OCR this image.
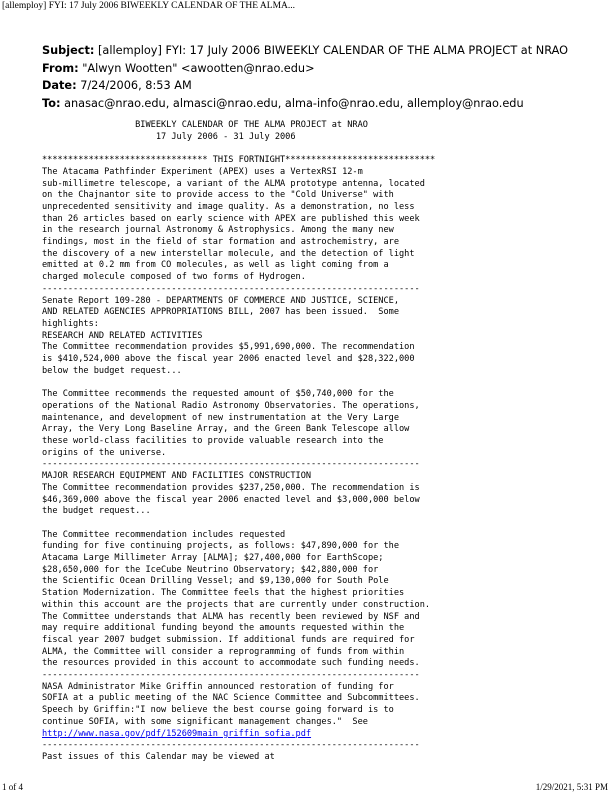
[allemploy] FYI: 17 July 2006 BIWEEKLY CALENDAR OF THE ALMA...
Subject: [allemploy] FYI: 17 July 2006 BIWEEKLY CALENDAR OF THE ALMA PROJECT at NRAO
From: "Alwyn Wootten" <awootten@nrao.edu>
Date: 7/24/2006, 8:53 AM
To: anasac@nrao.edu, almasci@nrao.edu, alma-info@nrao.edu, allemploy@nrao.edu
BIWEEKLY CALENDAR OF THE ALMA PROJECT at NRAO
17 July 2006 - 31 July 2006

******************************** THIS FORTNIGHT*****************************
The Atacama Pathfinder Experiment (APEX) uses a VertexRSI 12-m
sub-millimetre telescope, a variant of the ALMA prototype antenna, located
on the Chajnantor site to provide access to the "Cold Universe" with
unprecedented sensitivity and image quality. As a demonstration, no less
than 26 articles based on early science with APEX are published this week
in the research journal Astronomy & Astrophysics. Among the many new
findings, most in the field of star formation and astrochemistry, are
the discovery of a new interstellar molecule, and the detection of light
emitted at 0.2 mm from CO molecules, as well as light coming from a
charged molecule composed of two forms of Hydrogen.
-------------------------------------------------------------------------
Senate Report 109-280 - DEPARTMENTS OF COMMERCE AND JUSTICE, SCIENCE,
AND RELATED AGENCIES APPROPRIATIONS BILL, 2007 has been issued.  Some
highlights:
RESEARCH AND RELATED ACTIVITIES
The Committee recommendation provides $5,991,690,000. The recommendation
is $410,524,000 above the fiscal year 2006 enacted level and $28,322,000
below the budget request...

The Committee recommends the requested amount of $50,740,000 for the
operations of the National Radio Astronomy Observatories. The operations,
maintenance, and development of new instrumentation at the Very Large
Array, the Very Long Baseline Array, and the Green Bank Telescope allow
these world-class facilities to provide valuable research into the
origins of the universe.
-------------------------------------------------------------------------
MAJOR RESEARCH EQUIPMENT AND FACILITIES CONSTRUCTION
The Committee recommendation provides $237,250,000. The recommendation is
$46,369,000 above the fiscal year 2006 enacted level and $3,000,000 below
the budget request...

The Committee recommendation includes requested
funding for five continuing projects, as follows: $47,890,000 for the
Atacama Large Millimeter Array [ALMA]; $27,400,000 for EarthScope;
$28,650,000 for the IceCube Neutrino Observatory; $42,880,000 for
the Scientific Ocean Drilling Vessel; and $9,130,000 for South Pole
Station Modernization. The Committee feels that the highest priorities
within this account are the projects that are currently under construction.
The Committee understands that ALMA has recently been reviewed by NSF and
may require additional funding beyond the amounts requested within the
fiscal year 2007 budget submission. If additional funds are required for
ALMA, the Committee will consider a reprogramming of funds from within
the resources provided in this account to accommodate such funding needs.
-------------------------------------------------------------------------
NASA Administrator Mike Griffin announced restoration of funding for
SOFIA at a public meeting of the NAC Science Committee and Subcommittees.
Speech by Griffin:"I now believe the best course going forward is to
continue SOFIA, with some significant management changes."  See
http://www.nasa.gov/pdf/152609main_griffin_sofia.pdf
-------------------------------------------------------------------------
Past issues of this Calendar may be viewed at
1 of 4	1/29/2021, 5:31 PM
